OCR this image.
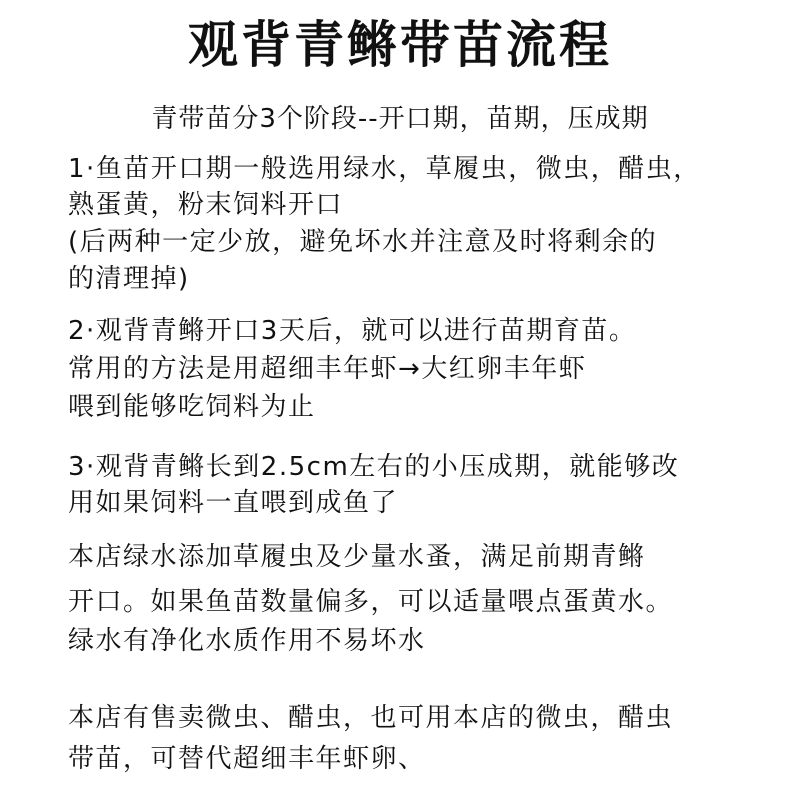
观背青鳉带苗流程
青带苗分3个阶段--开口期，苗期，压成期
1·鱼苗开口期一般选用绿水，草履虫，微虫，醋虫，
熟蛋黄，粉末饲料开口
(后两种一定少放，避免坏水并注意及时将剩余的
的清理掉)
2·观背青鳉开口3天后，就可以进行苗期育苗。
常用的方法是用超细丰年虾→大红卵丰年虾
喂到能够吃饲料为止
3·观背青鳉长到2.5cm左右的小压成期，就能够改
用如果饲料一直喂到成鱼了
本店绿水添加草履虫及少量水蚤，满足前期青鳉
开口。如果鱼苗数量偏多，可以适量喂点蛋黄水。
绿水有净化水质作用不易坏水
本店有售卖微虫、醋虫，也可用本店的微虫，醋虫
带苗，可替代超细丰年虾卵、
